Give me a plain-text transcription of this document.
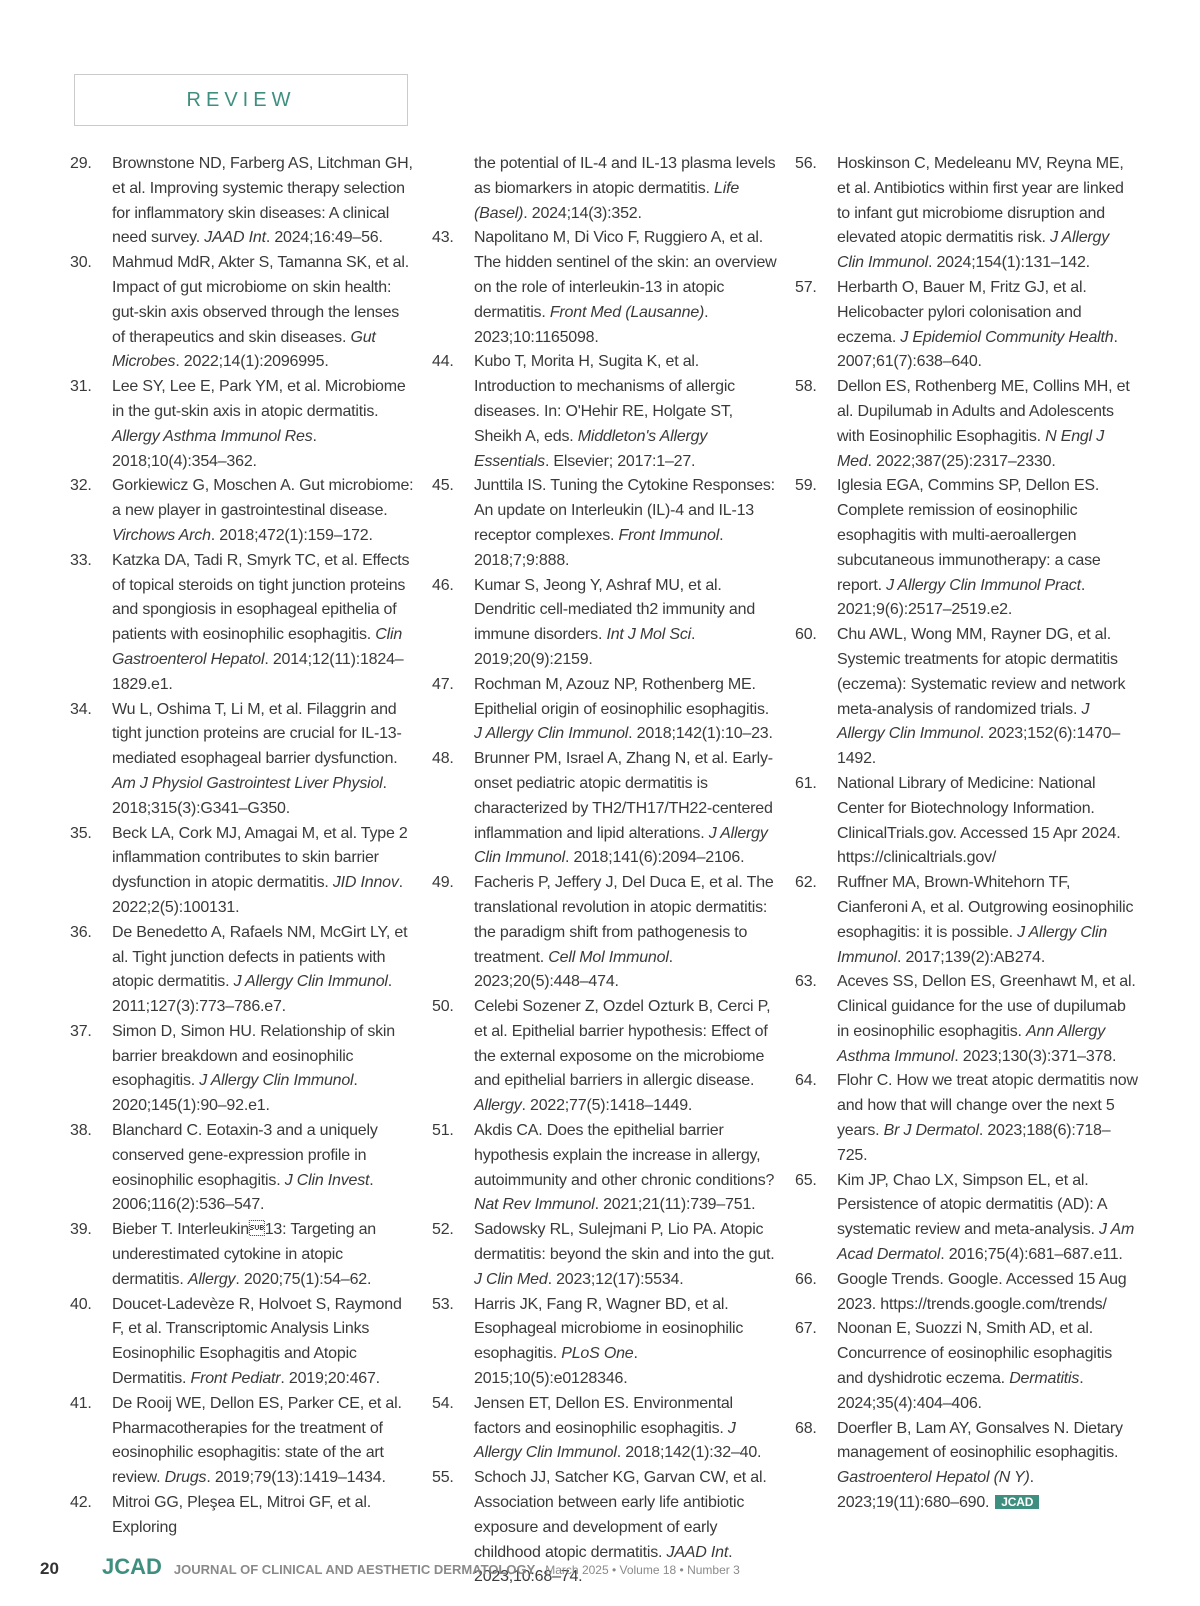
REVIEW
29.	Brownstone ND, Farberg AS, Litchman GH, et al. Improving systemic therapy selection for inflammatory skin diseases: A clinical need survey. JAAD Int. 2024;16:49–56.
30.	Mahmud MdR, Akter S, Tamanna SK, et al. Impact of gut microbiome on skin health: gut-skin axis observed through the lenses of therapeutics and skin diseases. Gut Microbes. 2022;14(1):2096995.
31.	Lee SY, Lee E, Park YM, et al. Microbiome in the gut-skin axis in atopic dermatitis. Allergy Asthma Immunol Res. 2018;10(4):354–362.
32.	Gorkiewicz G, Moschen A. Gut microbiome: a new player in gastrointestinal disease. Virchows Arch. 2018;472(1):159–172.
33.	Katzka DA, Tadi R, Smyrk TC, et al. Effects of topical steroids on tight junction proteins and spongiosis in esophageal epithelia of patients with eosinophilic esophagitis. Clin Gastroenterol Hepatol. 2014;12(11):1824–1829.e1.
34.	Wu L, Oshima T, Li M, et al. Filaggrin and tight junction proteins are crucial for IL-13-mediated esophageal barrier dysfunction. Am J Physiol Gastrointest Liver Physiol. 2018;315(3):G341–G350.
35.	Beck LA, Cork MJ, Amagai M, et al. Type 2 inflammation contributes to skin barrier dysfunction in atopic dermatitis. JID Innov. 2022;2(5):100131.
36.	De Benedetto A, Rafaels NM, McGirt LY, et al. Tight junction defects in patients with atopic dermatitis. J Allergy Clin Immunol. 2011;127(3):773–786.e7.
37.	Simon D, Simon HU. Relationship of skin barrier breakdown and eosinophilic esophagitis. J Allergy Clin Immunol. 2020;145(1):90–92.e1.
38.	Blanchard C. Eotaxin-3 and a uniquely conserved gene-expression profile in eosinophilic esophagitis. J Clin Invest. 2006;116(2):536–547.
39.	Bieber T. Interleukin13: Targeting an underestimated cytokine in atopic dermatitis. Allergy. 2020;75(1):54–62.
40.	Doucet-Ladevèze R, Holvoet S, Raymond F, et al. Transcriptomic Analysis Links Eosinophilic Esophagitis and Atopic Dermatitis. Front Pediatr. 2019;20:467.
41.	De Rooij WE, Dellon ES, Parker CE, et al. Pharmacotherapies for the treatment of eosinophilic esophagitis: state of the art review. Drugs. 2019;79(13):1419–1434.
42.	Mitroi GG, Pleşea EL, Mitroi GF, et al. Exploring
the potential of IL-4 and IL-13 plasma levels as biomarkers in atopic dermatitis. Life (Basel). 2024;14(3):352.
43.	Napolitano M, Di Vico F, Ruggiero A, et al. The hidden sentinel of the skin: an overview on the role of interleukin-13 in atopic dermatitis. Front Med (Lausanne). 2023;10:1165098.
44.	Kubo T, Morita H, Sugita K, et al. Introduction to mechanisms of allergic diseases. In: O'Hehir RE, Holgate ST, Sheikh A, eds. Middleton's Allergy Essentials. Elsevier; 2017:1–27.
45.	Junttila IS. Tuning the Cytokine Responses: An update on Interleukin (IL)-4 and IL-13 receptor complexes. Front Immunol. 2018;7;9:888.
46.	Kumar S, Jeong Y, Ashraf MU, et al. Dendritic cell-mediated th2 immunity and immune disorders. Int J Mol Sci. 2019;20(9):2159.
47.	Rochman M, Azouz NP, Rothenberg ME. Epithelial origin of eosinophilic esophagitis. J Allergy Clin Immunol. 2018;142(1):10–23.
48.	Brunner PM, Israel A, Zhang N, et al. Early-onset pediatric atopic dermatitis is characterized by TH2/TH17/TH22-centered inflammation and lipid alterations. J Allergy Clin Immunol. 2018;141(6):2094–2106.
49.	Facheris P, Jeffery J, Del Duca E, et al. The translational revolution in atopic dermatitis: the paradigm shift from pathogenesis to treatment. Cell Mol Immunol. 2023;20(5):448–474.
50.	Celebi Sozener Z, Ozdel Ozturk B, Cerci P, et al. Epithelial barrier hypothesis: Effect of the external exposome on the microbiome and epithelial barriers in allergic disease. Allergy. 2022;77(5):1418–1449.
51.	Akdis CA. Does the epithelial barrier hypothesis explain the increase in allergy, autoimmunity and other chronic conditions? Nat Rev Immunol. 2021;21(11):739–751.
52.	Sadowsky RL, Sulejmani P, Lio PA. Atopic dermatitis: beyond the skin and into the gut. J Clin Med. 2023;12(17):5534.
53.	Harris JK, Fang R, Wagner BD, et al. Esophageal microbiome in eosinophilic esophagitis. PLoS One. 2015;10(5):e0128346.
54.	Jensen ET, Dellon ES. Environmental factors and eosinophilic esophagitis. J Allergy Clin Immunol. 2018;142(1):32–40.
55.	Schoch JJ, Satcher KG, Garvan CW, et al. Association between early life antibiotic exposure and development of early childhood atopic dermatitis. JAAD Int. 2023;10:68–74.
56.	Hoskinson C, Medeleanu MV, Reyna ME, et al. Antibiotics within first year are linked to infant gut microbiome disruption and elevated atopic dermatitis risk. J Allergy Clin Immunol. 2024;154(1):131–142.
57.	Herbarth O, Bauer M, Fritz GJ, et al. Helicobacter pylori colonisation and eczema. J Epidemiol Community Health. 2007;61(7):638–640.
58.	Dellon ES, Rothenberg ME, Collins MH, et al. Dupilumab in Adults and Adolescents with Eosinophilic Esophagitis. N Engl J Med. 2022;387(25):2317–2330.
59.	Iglesia EGA, Commins SP, Dellon ES. Complete remission of eosinophilic esophagitis with multi-aeroallergen subcutaneous immunotherapy: a case report. J Allergy Clin Immunol Pract. 2021;9(6):2517–2519.e2.
60.	Chu AWL, Wong MM, Rayner DG, et al. Systemic treatments for atopic dermatitis (eczema): Systematic review and network meta-analysis of randomized trials. J Allergy Clin Immunol. 2023;152(6):1470–1492.
61.	National Library of Medicine: National Center for Biotechnology Information. ClinicalTrials.gov. Accessed 15 Apr 2024. https://clinicaltrials.gov/
62.	Ruffner MA, Brown-Whitehorn TF, Cianferoni A, et al. Outgrowing eosinophilic esophagitis: it is possible. J Allergy Clin Immunol. 2017;139(2):AB274.
63.	Aceves SS, Dellon ES, Greenhawt M, et al. Clinical guidance for the use of dupilumab in eosinophilic esophagitis. Ann Allergy Asthma Immunol. 2023;130(3):371–378.
64.	Flohr C. How we treat atopic dermatitis now and how that will change over the next 5 years. Br J Dermatol. 2023;188(6):718–725.
65.	Kim JP, Chao LX, Simpson EL, et al. Persistence of atopic dermatitis (AD): A systematic review and meta-analysis. J Am Acad Dermatol. 2016;75(4):681–687.e11.
66.	Google Trends. Google. Accessed 15 Aug 2023. https://trends.google.com/trends/
67.	Noonan E, Suozzi N, Smith AD, et al. Concurrence of eosinophilic esophagitis and dyshidrotic eczema. Dermatitis. 2024;35(4):404–406.
68.	Doerfler B, Lam AY, Gonsalves N. Dietary management of eosinophilic esophagitis. Gastroenterol Hepatol (N Y). 2023;19(11):680–690. JCAD
20	JCAD JOURNAL OF CLINICAL AND AESTHETIC DERMATOLOGY March 2025 • Volume 18 • Number 3
